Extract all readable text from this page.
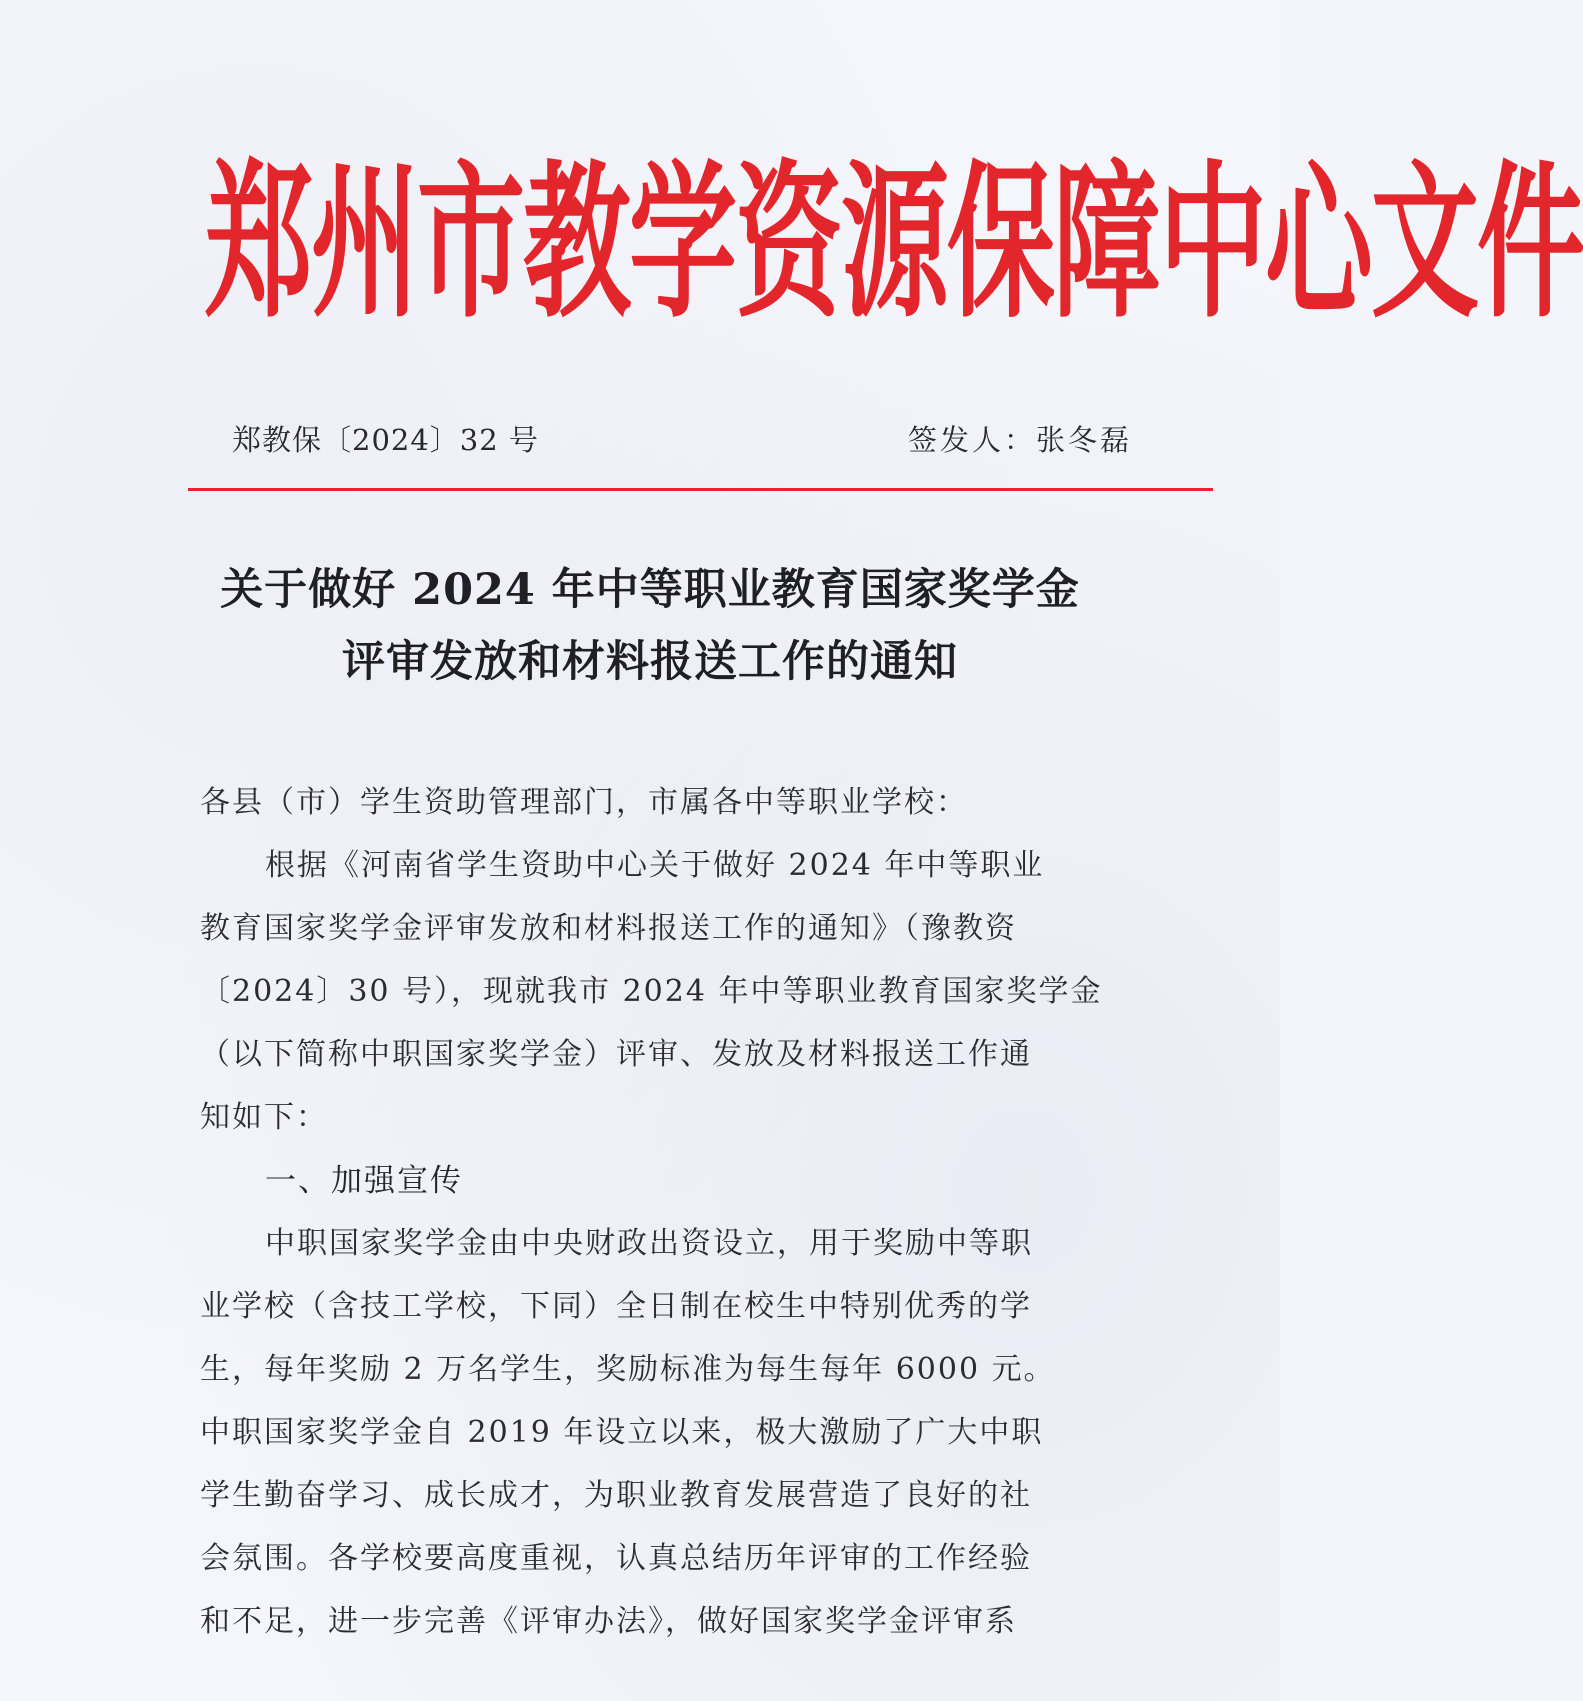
郑州市教学资源保障中心文件
郑教保〔2024〕32 号	签发人：张冬磊
关于做好 2024 年中等职业教育国家奖学金
评审发放和材料报送工作的通知
各县（市）学生资助管理部门，市属各中等职业学校：
根据《河南省学生资助中心关于做好 2024 年中等职业
教育国家奖学金评审发放和材料报送工作的通知》（豫教资
〔2024〕30 号），现就我市 2024 年中等职业教育国家奖学金
（以下简称中职国家奖学金）评审、发放及材料报送工作通
知如下：
一、加强宣传
中职国家奖学金由中央财政出资设立，用于奖励中等职
业学校（含技工学校，下同）全日制在校生中特别优秀的学
生，每年奖励 2 万名学生，奖励标准为每生每年 6000 元。
中职国家奖学金自 2019 年设立以来，极大激励了广大中职
学生勤奋学习、成长成才，为职业教育发展营造了良好的社
会氛围。各学校要高度重视，认真总结历年评审的工作经验
和不足，进一步完善《评审办法》，做好国家奖学金评审系
